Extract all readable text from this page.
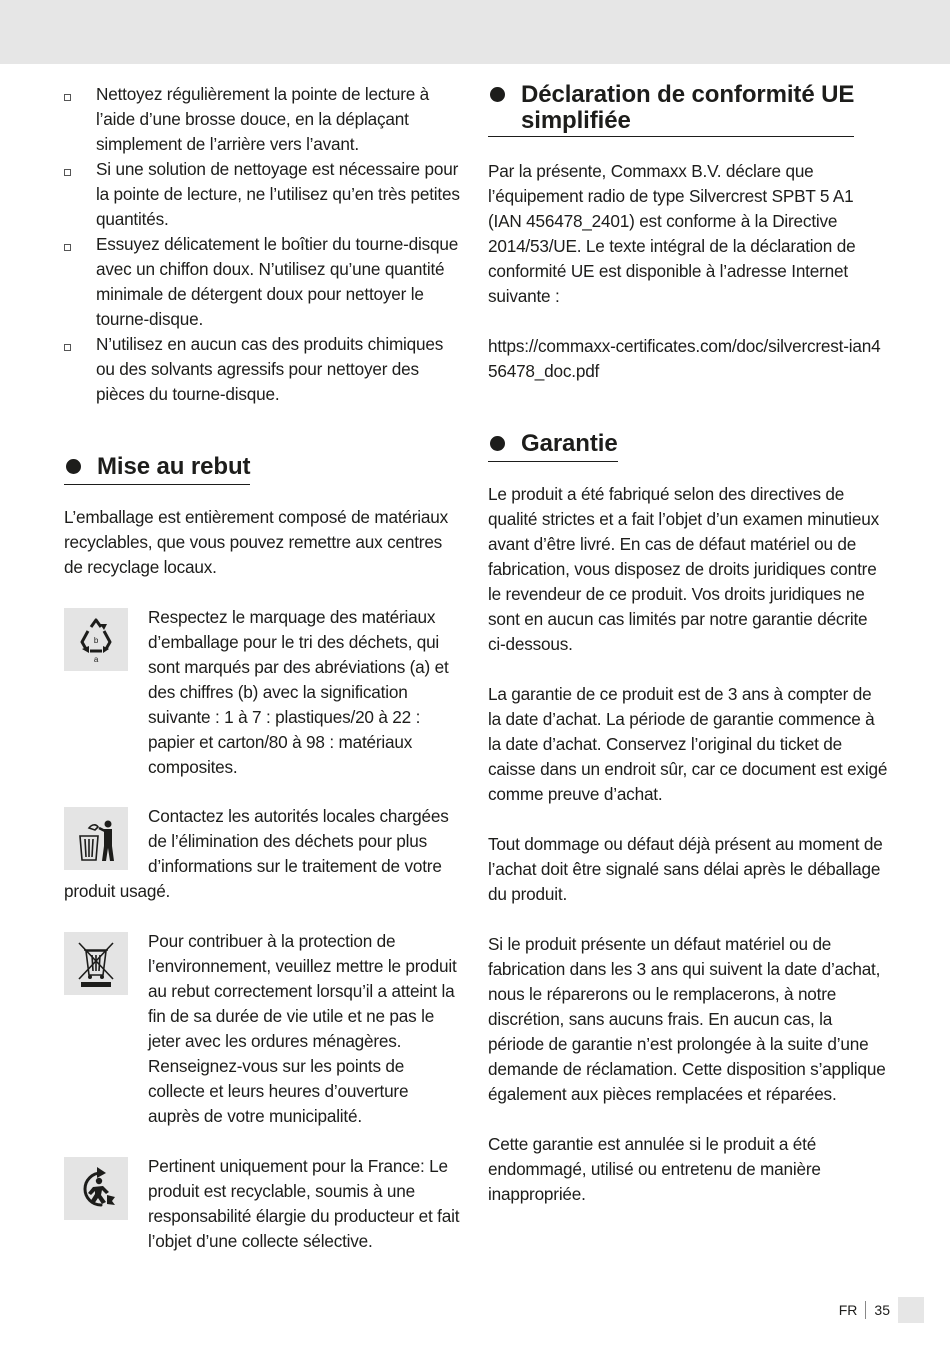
Nettoyez régulièrement la pointe de lecture à l’aide d’une brosse douce, en la déplaçant simplement de l’arrière vers l’avant.
Si une solution de nettoyage est nécessaire pour la pointe de lecture, ne l’utilisez qu’en très petites quantités.
Essuyez délicatement le boîtier du tourne-disque avec un chiffon doux. N’utilisez qu’une quantité minimale de détergent doux pour nettoyer le tourne-disque.
N’utilisez en aucun cas des produits chimiques ou des solvants agressifs pour nettoyer des pièces du tourne-disque.
Mise au rebut

L’emballage est entièrement composé de matériaux recyclables, que vous pouvez remettre aux centres de recyclage locaux.

b
a

Respectez le marquage des matériaux d’emballage pour le tri des déchets, qui sont marqués par des abréviations (a) et des chiffres (b) avec la signification suivante : 1 à 7 : plastiques/20 à 22 : papier et carton/80 à 98 : matériaux composites.

Contactez les autorités locales chargées de l’élimination des déchets pour plus d’informations sur le traitement de votre produit usagé.

Pour contribuer à la protection de l’environnement, veuillez mettre le produit au rebut correctement lorsqu’il a atteint la fin de sa durée de vie utile et ne pas le jeter avec les ordures ménagères. Renseignez-vous sur les points de collecte et leurs heures d’ouverture auprès de votre municipalité.

Pertinent uniquement pour la France: Le produit est recyclable, soumis à une responsabilité élargie du producteur et fait l’objet d’une collecte sélective.

Déclaration de conformité UE
simplifiée

Par la présente, Commaxx B.V. déclare que l’équipement radio de type Silvercrest SPBT 5 A1 (IAN 456478_2401) est conforme à la Directive 2014/53/UE. Le texte intégral de la déclaration de conformité UE est disponible à l’adresse Internet suivante :

https://commaxx-certificates.com/doc/silvercrest-ian456478_doc.pdf

Garantie

Le produit a été fabriqué selon des directives de qualité strictes et a fait l’objet d’un examen minutieux avant d’être livré. En cas de défaut matériel ou de fabrication, vous disposez de droits juridiques contre le revendeur de ce produit. Vos droits juridiques ne sont en aucun cas limités par notre garantie décrite ci-dessous.

La garantie de ce produit est de 3 ans à compter de la date d’achat. La période de garantie commence à la date d’achat. Conservez l’original du ticket de caisse dans un endroit sûr, car ce document est exigé comme preuve d’achat.

Tout dommage ou défaut déjà présent au moment de l’achat doit être signalé sans délai après le déballage du produit.

Si le produit présente un défaut matériel ou de fabrication dans les 3 ans qui suivent la date d’achat, nous le réparerons ou le remplacerons, à notre discrétion, sans aucuns frais. En aucun cas, la période de garantie n’est prolongée à la suite d’une demande de réclamation. Cette disposition s’applique également aux pièces remplacées et réparées.

Cette garantie est annulée si le produit a été endommagé, utilisé ou entretenu de manière inappropriée.

FR	35
